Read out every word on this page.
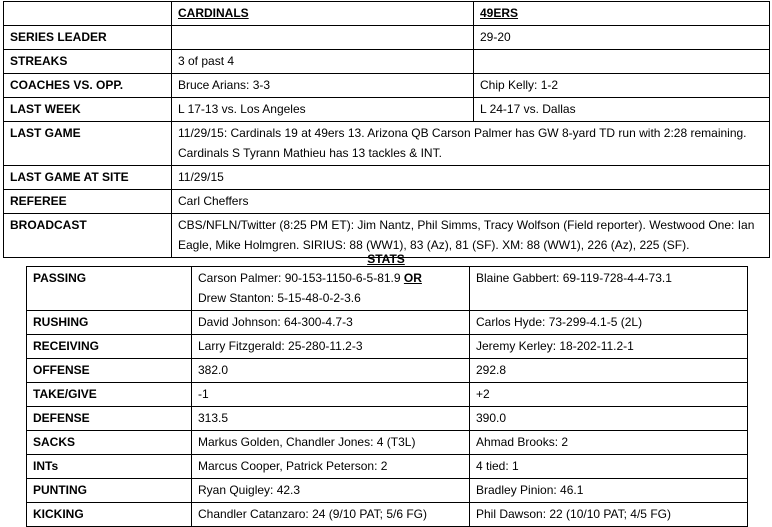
	CARDINALS	49ERS
SERIES LEADER		29-20
STREAKS	3 of past 4	
COACHES VS. OPP.	Bruce Arians: 3-3	Chip Kelly: 1-2
LAST WEEK	L 17-13 vs. Los Angeles	L 24-17 vs. Dallas
LAST GAME	11/29/15: Cardinals 19 at 49ers 13. Arizona QB Carson Palmer has GW 8-yard TD run with 2:28 remaining. Cardinals S Tyrann Mathieu has 13 tackles & INT.	
LAST GAME AT SITE	11/29/15	
REFEREE	Carl Cheffers	
BROADCAST	CBS/NFLN/Twitter (8:25 PM ET): Jim Nantz, Phil Simms, Tracy Wolfson (Field reporter). Westwood One: Ian Eagle, Mike Holmgren. SIRIUS: 88 (WW1), 83 (Az), 81 (SF). XM: 88 (WW1), 226 (Az), 225 (SF).	
STATS
PASSING	Carson Palmer: 90-153-1150-6-5-81.9 OR
Drew Stanton: 5-15-48-0-2-3.6	Blaine Gabbert: 69-119-728-4-4-73.1
RUSHING	David Johnson: 64-300-4.7-3	Carlos Hyde: 73-299-4.1-5 (2L)
RECEIVING	Larry Fitzgerald: 25-280-11.2-3	Jeremy Kerley: 18-202-11.2-1
OFFENSE	382.0	292.8
TAKE/GIVE	-1	+2
DEFENSE	313.5	390.0
SACKS	Markus Golden, Chandler Jones: 4 (T3L)	Ahmad Brooks: 2
INTs	Marcus Cooper, Patrick Peterson: 2	4 tied: 1
PUNTING	Ryan Quigley: 42.3	Bradley Pinion: 46.1
KICKING	Chandler Catanzaro: 24 (9/10 PAT; 5/6 FG)	Phil Dawson: 22 (10/10 PAT; 4/5 FG)
